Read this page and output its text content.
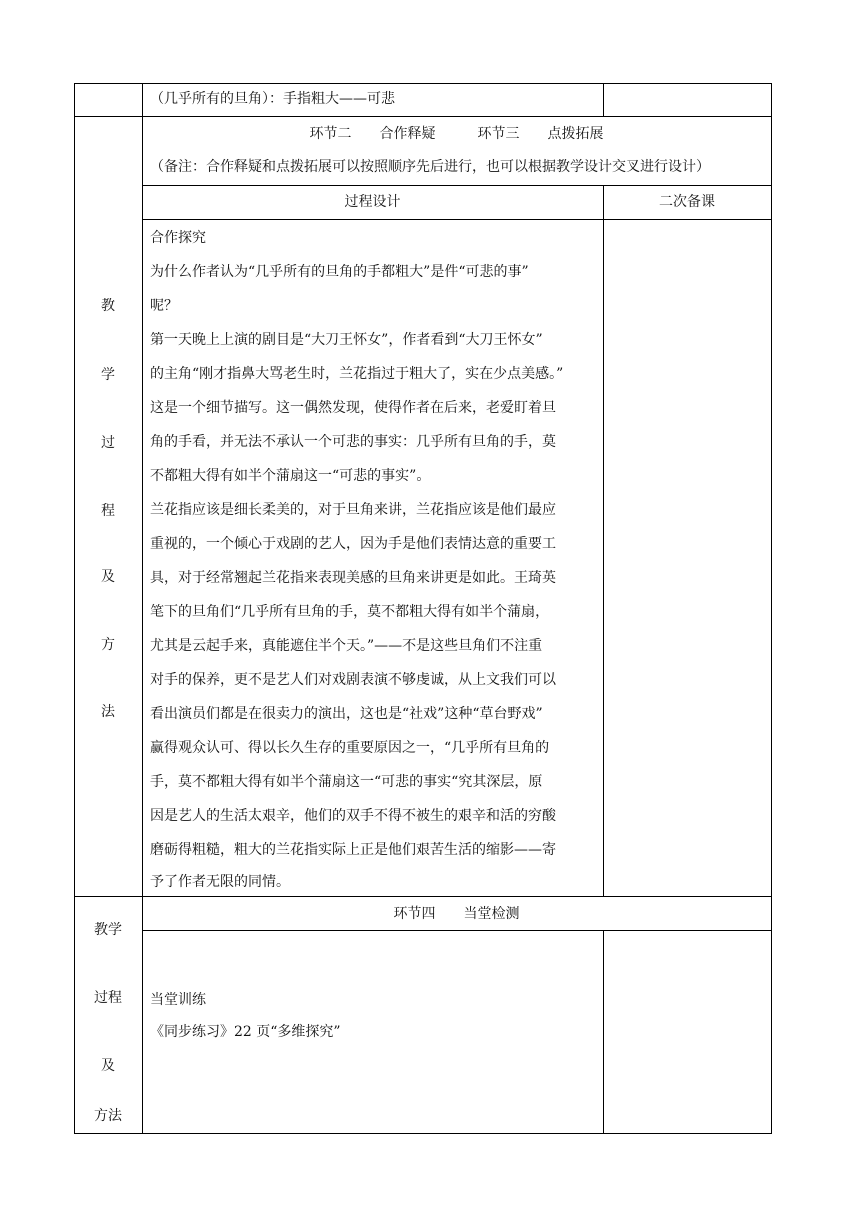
（几乎所有的旦角）：手指粗大——可悲
环节二　　合作释疑　　　环节三　　点拨拓展
（备注：合作释疑和点拨拓展可以按照顺序先后进行，也可以根据教学设计交叉进行设计）
过程设计	二次备课
教
学
过
程
及
方
法
合作探究
为什么作者认为“几乎所有的旦角的手都粗大”是件“可悲的事”
呢？
第一天晚上上演的剧目是“大刀王怀女”，作者看到“大刀王怀女”
的主角“刚才指鼻大骂老生时，兰花指过于粗大了，实在少点美感。”
这是一个细节描写。这一偶然发现，使得作者在后来，老爱盯着旦
角的手看，并无法不承认一个可悲的事实：几乎所有旦角的手，莫
不都粗大得有如半个蒲扇这一“可悲的事实”。
兰花指应该是细长柔美的，对于旦角来讲，兰花指应该是他们最应
重视的，一个倾心于戏剧的艺人，因为手是他们表情达意的重要工
具，对于经常翘起兰花指来表现美感的旦角来讲更是如此。王琦英
笔下的旦角们“几乎所有旦角的手，莫不都粗大得有如半个蒲扇，
尤其是云起手来，真能遮住半个天。”——不是这些旦角们不注重
对手的保养，更不是艺人们对戏剧表演不够虔诚，从上文我们可以
看出演员们都是在很卖力的演出，这也是“社戏”这种“草台野戏”
赢得观众认可、得以长久生存的重要原因之一，“几乎所有旦角的
手，莫不都粗大得有如半个蒲扇这一“可悲的事实“究其深层，原
因是艺人的生活太艰辛，他们的双手不得不被生的艰辛和活的穷酸
磨砺得粗糙，粗大的兰花指实际上正是他们艰苦生活的缩影——寄
予了作者无限的同情。
环节四　　当堂检测
教学
过程
及
方法
当堂训练
《同步练习》22 页“多维探究”
